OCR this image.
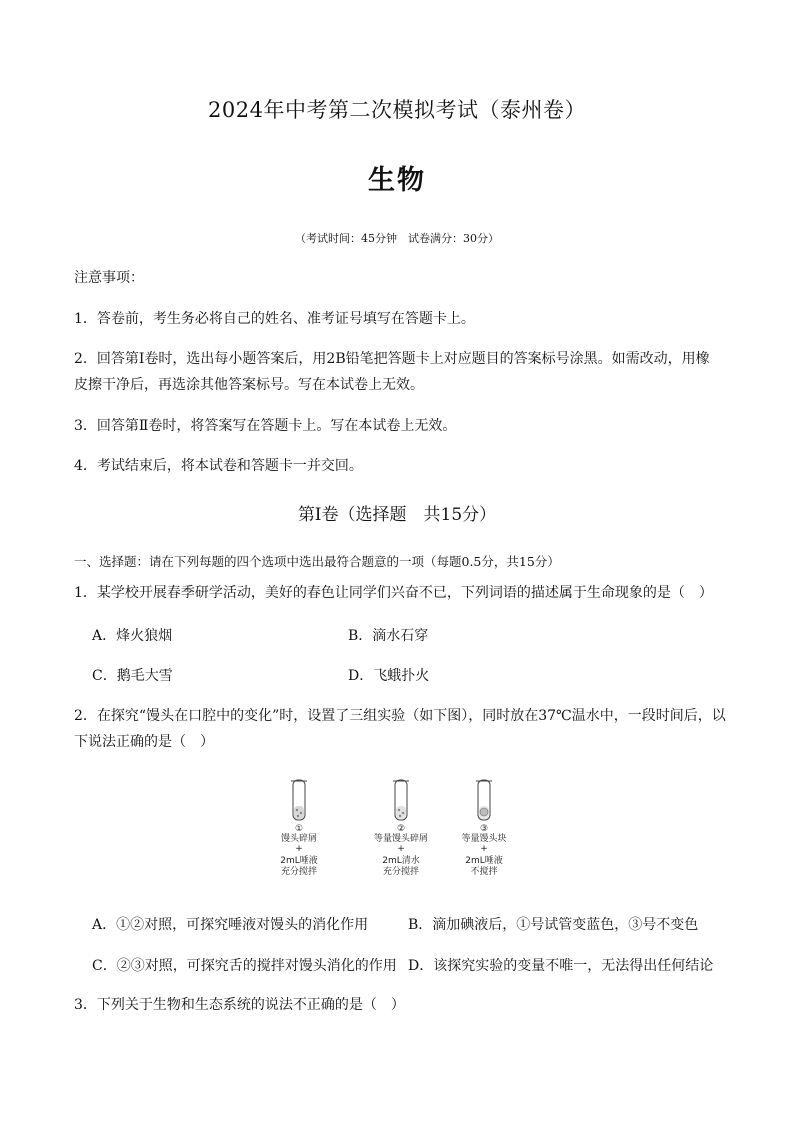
2024年中考第二次模拟考试（泰州卷）
生物
（考试时间：45分钟　试卷满分：30分）
注意事项：
1．答卷前，考生务必将自己的姓名、准考证号填写在答题卡上。
2．回答第Ⅰ卷时，选出每小题答案后，用2B铅笔把答题卡上对应题目的答案标号涂黑。如需改动，用橡
皮擦干净后，再选涂其他答案标号。写在本试卷上无效。
3．回答第Ⅱ卷时，将答案写在答题卡上。写在本试卷上无效。
4．考试结束后，将本试卷和答题卡一并交回。
第Ⅰ卷（选择题　共15分）
一、选择题：请在下列每题的四个选项中选出最符合题意的一项（每题0.5分，共15分）
1．某学校开展春季研学活动，美好的春色让同学们兴奋不已，下列词语的描述属于生命现象的是（　）
A．烽火狼烟	B．滴水石穿
C．鹅毛大雪	D．飞蛾扑火
2．在探究“馒头在口腔中的变化”时，设置了三组实验（如下图），同时放在37℃温水中，一段时间后，以
下说法正确的是（　）
①
馒头碎屑
+
2mL唾液
充分搅拌
②
等量馒头碎屑
+
2mL清水
充分搅拌
③
等量馒头块
+
2mL唾液
不搅拌
A．①②对照，可探究唾液对馒头的消化作用	B．滴加碘液后，①号试管变蓝色，③号不变色
C．②③对照，可探究舌的搅拌对馒头消化的作用 D．该探究实验的变量不唯一，无法得出任何结论
3．下列关于生物和生态系统的说法不正确的是（　）
